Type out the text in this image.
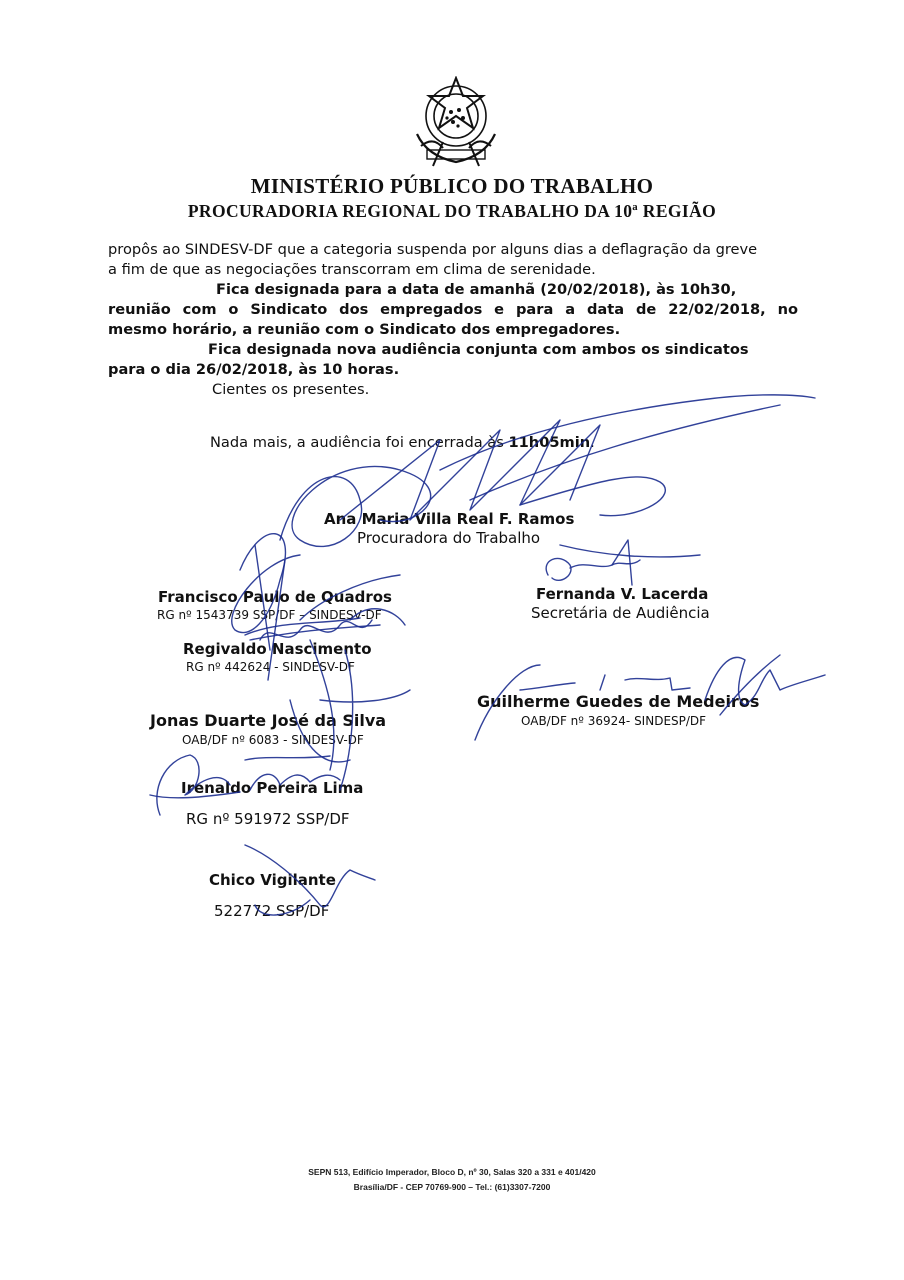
MINISTÉRIO PÚBLICO DO TRABALHO
PROCURADORIA REGIONAL DO TRABALHO DA 10ª REGIÃO
propôs ao SINDESV-DF que a categoria suspenda por alguns dias a deflagração da greve
a fim de que as negociações transcorram em clima de serenidade.
Fica designada para a data de amanhã (20/02/2018), às 10h30,
reunião com o Sindicato dos empregados e para a data de 22/02/2018, no
mesmo horário, a reunião com o Sindicato dos empregadores.
Fica designada nova audiência conjunta com ambos os sindicatos
para o dia 26/02/2018, às 10 horas.
Cientes os presentes.
Nada mais, a audiência foi encerrada às 11h05min.
Ana Maria Villa Real F. Ramos
Procuradora do Trabalho
Francisco Paulo de Quadros
RG nº 1543739 SSP/DF – SINDESV-DF
Fernanda V. Lacerda
Secretária de Audiência
Regivaldo Nascimento
RG nº 442624 - SINDESV-DF
Guilherme Guedes de Medeiros
OAB/DF nº 36924- SINDESP/DF
Jonas Duarte José da Silva
OAB/DF nº 6083 - SINDESV-DF
Irenaldo Pereira Lima
RG nº 591972 SSP/DF
Chico Vigilante
522772 SSP/DF
SEPN 513, Edifício Imperador, Bloco D, nº 30, Salas 320 a 331 e 401/420
Brasília/DF - CEP 70769-900 – Tel.: (61)3307-7200
